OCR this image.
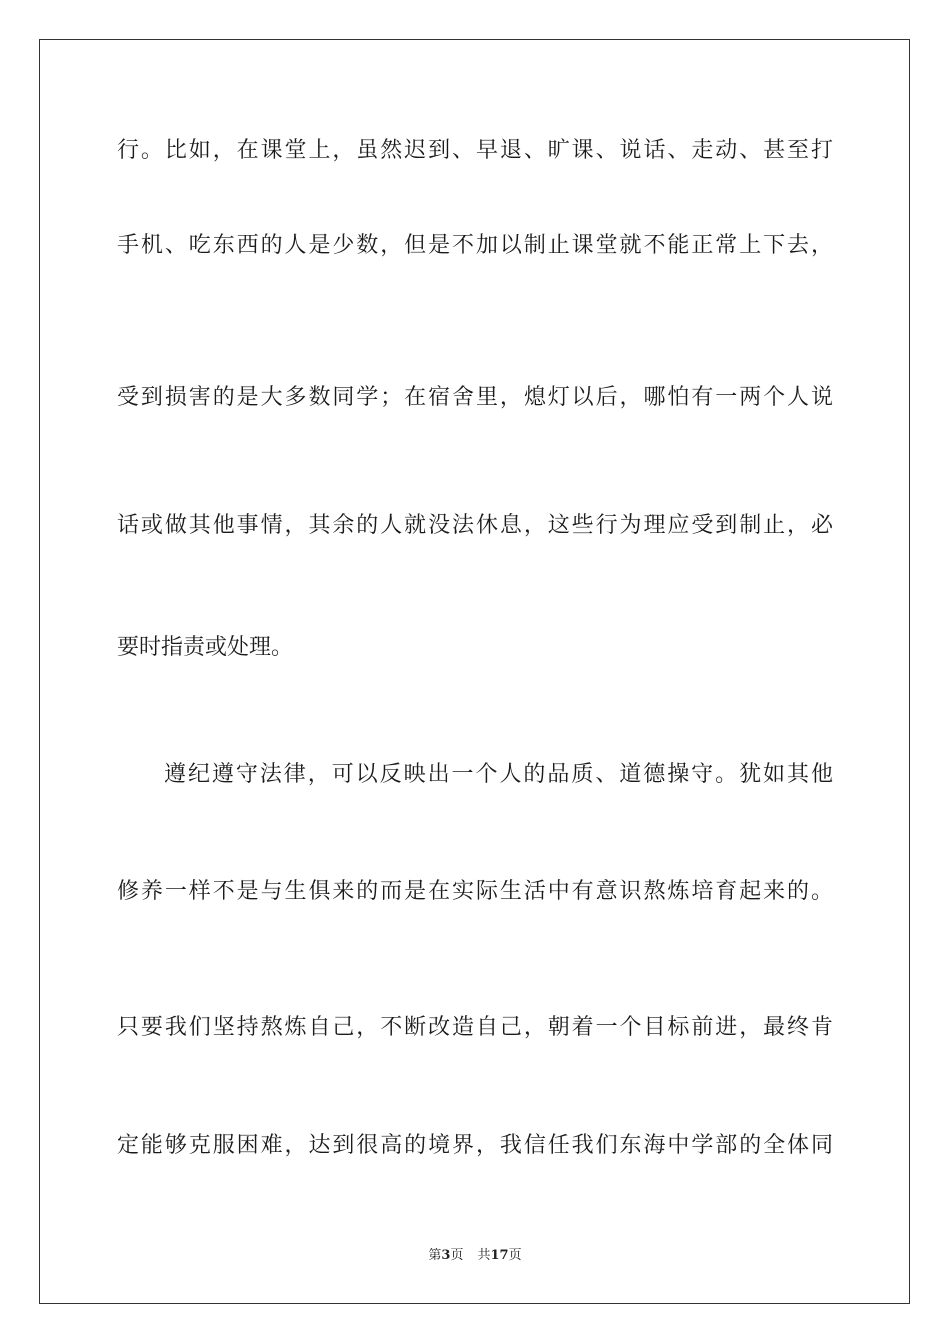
行。比如，在课堂上，虽然迟到、早退、旷课、说话、走动、甚至打
手机、吃东西的人是少数，但是不加以制止课堂就不能正常上下去，
受到损害的是大多数同学；在宿舍里，熄灯以后，哪怕有一两个人说
话或做其他事情，其余的人就没法休息，这些行为理应受到制止，必
要时指责或处理。
遵纪遵守法律，可以反映出一个人的品质、道德操守。犹如其他
修养一样不是与生俱来的而是在实际生活中有意识熬炼培育起来的。
只要我们坚持熬炼自己，不断改造自己，朝着一个目标前进，最终肯
定能够克服困难，达到很高的境界，我信任我们东海中学部的全体同
第3页 共17页
